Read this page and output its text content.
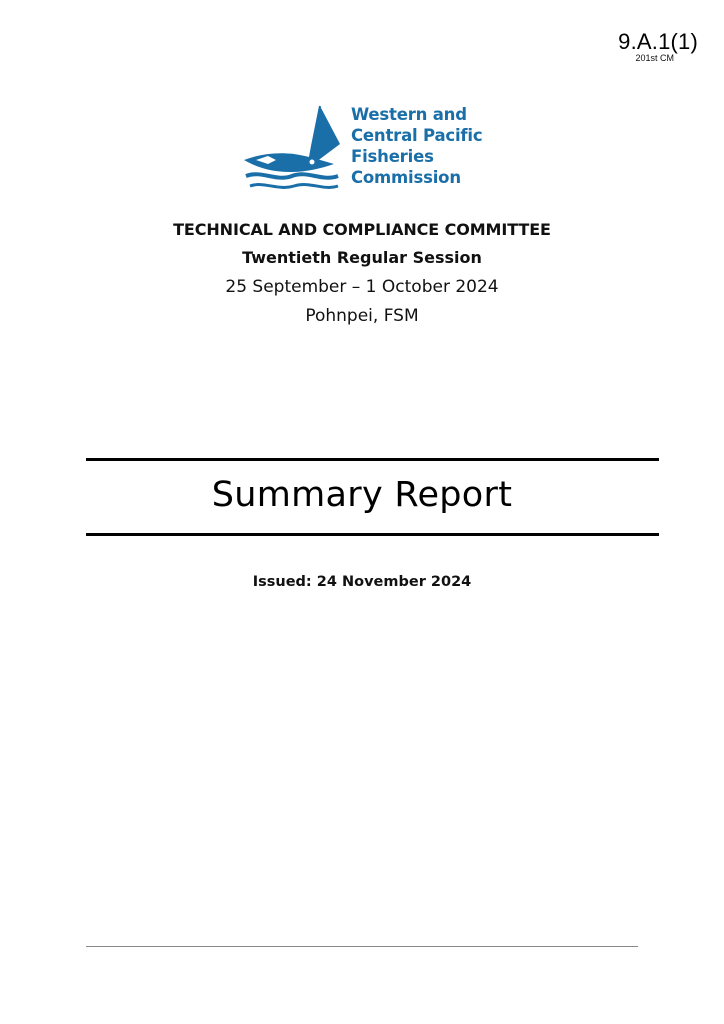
9.A.1(1)
201st CM
Western and
Central Pacific
Fisheries
Commission
TECHNICAL AND COMPLIANCE COMMITTEE
Twentieth Regular Session
25 September – 1 October 2024
Pohnpei, FSM
Summary Report
Issued: 24 November 2024
